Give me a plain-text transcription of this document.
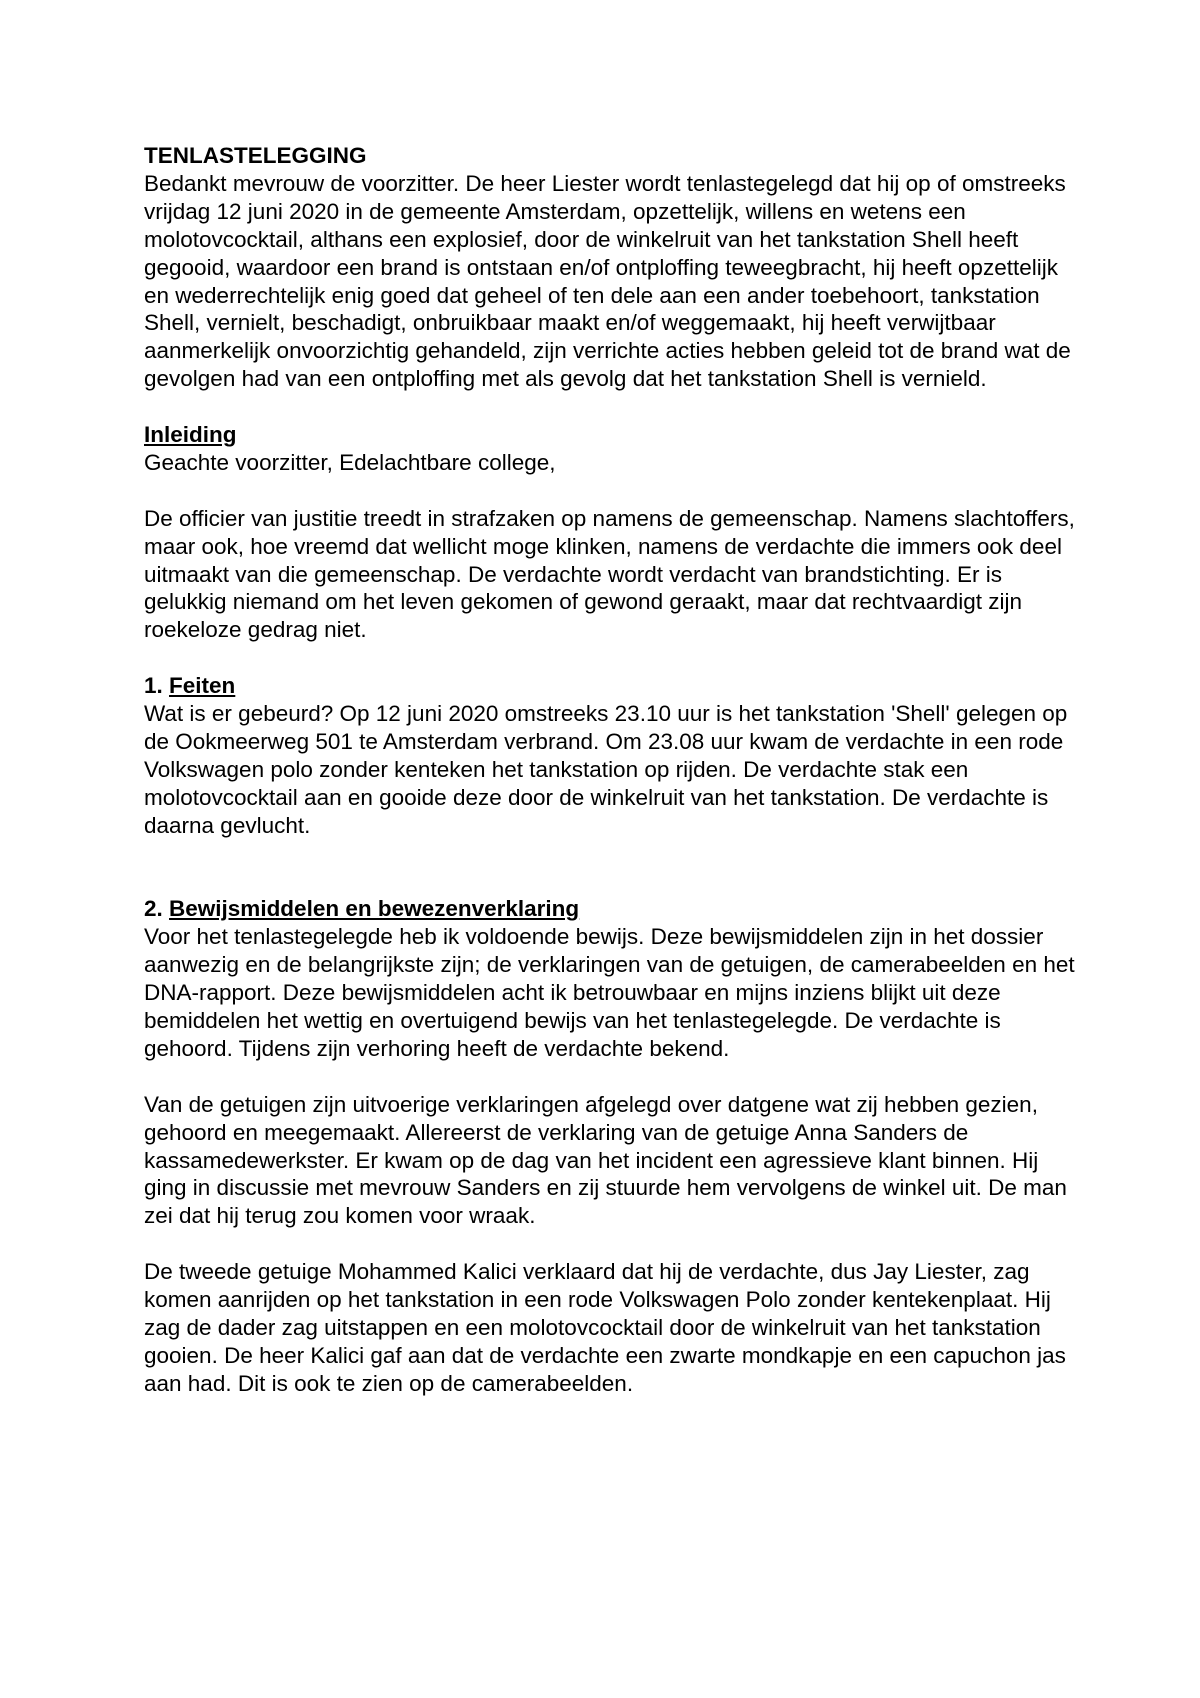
TENLASTELEGGING

Bedankt mevrouw de voorzitter. De heer Liester wordt tenlastegelegd dat hij op of omstreeks vrijdag 12 juni 2020 in de gemeente Amsterdam, opzettelijk, willens en wetens een molotovcocktail, althans een explosief, door de winkelruit van het tankstation Shell heeft gegooid, waardoor een brand is ontstaan en/of ontploffing teweegbracht, hij heeft opzettelijk en wederrechtelijk enig goed dat geheel of ten dele aan een ander toebehoort, tankstation Shell, vernielt, beschadigt, onbruikbaar maakt en/of weggemaakt, hij heeft verwijtbaar aanmerkelijk onvoorzichtig gehandeld, zijn verrichte acties hebben geleid tot de brand wat de gevolgen had van een ontploffing met als gevolg dat het tankstation Shell is vernield.

Inleiding

Geachte voorzitter, Edelachtbare college,

De officier van justitie treedt in strafzaken op namens de gemeenschap. Namens slachtoffers, maar ook, hoe vreemd dat wellicht moge klinken, namens de verdachte die immers ook deel uitmaakt van die gemeenschap. De verdachte wordt verdacht van brandstichting. Er is gelukkig niemand om het leven gekomen of gewond geraakt, maar dat rechtvaardigt zijn roekeloze gedrag niet.

1. Feiten

Wat is er gebeurd? Op 12 juni 2020 omstreeks 23.10 uur is het tankstation 'Shell' gelegen op de Ookmeerweg 501 te Amsterdam verbrand. Om 23.08 uur kwam de verdachte in een rode Volkswagen polo zonder kenteken het tankstation op rijden. De verdachte stak een molotovcocktail aan en gooide deze door de winkelruit van het tankstation. De verdachte is daarna gevlucht.

2. Bewijsmiddelen en bewezenverklaring

Voor het tenlastegelegde heb ik voldoende bewijs. Deze bewijsmiddelen zijn in het dossier aanwezig en de belangrijkste zijn; de verklaringen van de getuigen, de camerabeelden en het DNA-rapport. Deze bewijsmiddelen acht ik betrouwbaar en mijns inziens blijkt uit deze bemiddelen het wettig en overtuigend bewijs van het tenlastegelegde. De verdachte is gehoord. Tijdens zijn verhoring heeft de verdachte bekend.

Van de getuigen zijn uitvoerige verklaringen afgelegd over datgene wat zij hebben gezien, gehoord en meegemaakt. Allereerst de verklaring van de getuige Anna Sanders de kassamedewerkster. Er kwam op de dag van het incident een agressieve klant binnen. Hij ging in discussie met mevrouw Sanders en zij stuurde hem vervolgens de winkel uit. De man zei dat hij terug zou komen voor wraak.

De tweede getuige Mohammed Kalici verklaard dat hij de verdachte, dus Jay Liester, zag komen aanrijden op het tankstation in een rode Volkswagen Polo zonder kentekenplaat. Hij zag de dader zag uitstappen en een molotovcocktail door de winkelruit van het tankstation gooien. De heer Kalici gaf aan dat de verdachte een zwarte mondkapje en een capuchon jas aan had. Dit is ook te zien op de camerabeelden.
